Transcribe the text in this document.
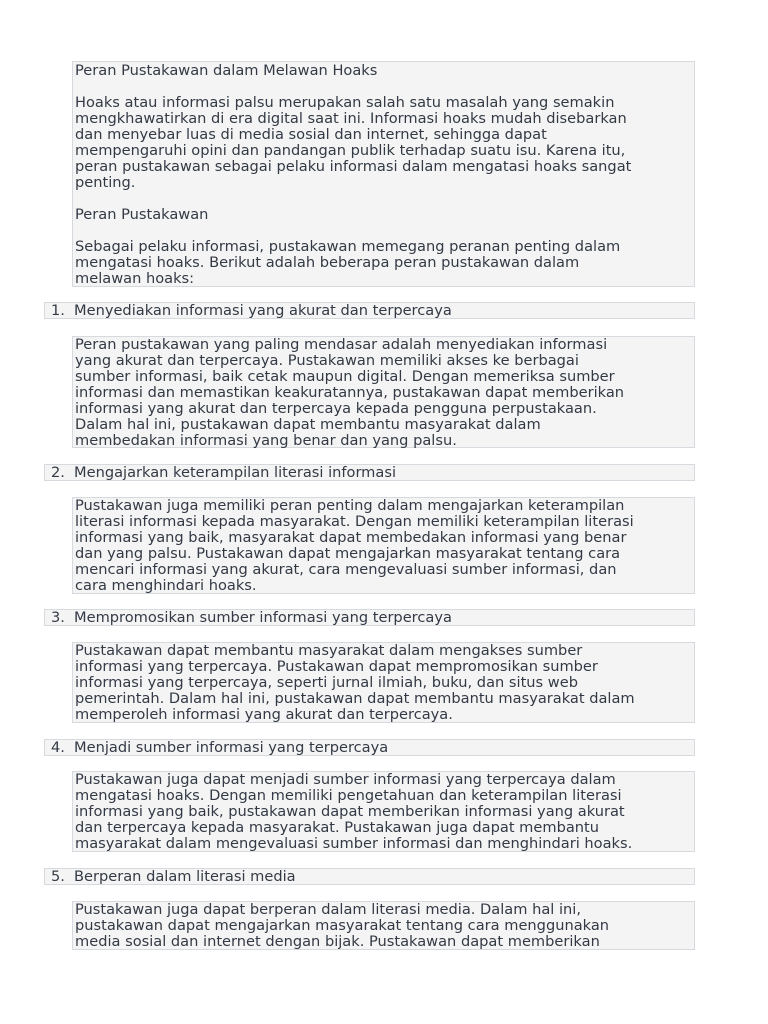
Peran Pustakawan dalam Melawan Hoaks

Hoaks atau informasi palsu merupakan salah satu masalah yang semakin

mengkhawatirkan di era digital saat ini. Informasi hoaks mudah disebarkan

dan menyebar luas di media sosial dan internet, sehingga dapat

mempengaruhi opini dan pandangan publik terhadap suatu isu. Karena itu,

peran pustakawan sebagai pelaku informasi dalam mengatasi hoaks sangat

penting.

Peran Pustakawan

Sebagai pelaku informasi, pustakawan memegang peranan penting dalam

mengatasi hoaks. Berikut adalah beberapa peran pustakawan dalam

melawan hoaks:

1. Menyediakan informasi yang akurat dan terpercaya

Peran pustakawan yang paling mendasar adalah menyediakan informasi

yang akurat dan terpercaya. Pustakawan memiliki akses ke berbagai

sumber informasi, baik cetak maupun digital. Dengan memeriksa sumber

informasi dan memastikan keakuratannya, pustakawan dapat memberikan

informasi yang akurat dan terpercaya kepada pengguna perpustakaan.

Dalam hal ini, pustakawan dapat membantu masyarakat dalam

membedakan informasi yang benar dan yang palsu.

2. Mengajarkan keterampilan literasi informasi

Pustakawan juga memiliki peran penting dalam mengajarkan keterampilan

literasi informasi kepada masyarakat. Dengan memiliki keterampilan literasi

informasi yang baik, masyarakat dapat membedakan informasi yang benar

dan yang palsu. Pustakawan dapat mengajarkan masyarakat tentang cara

mencari informasi yang akurat, cara mengevaluasi sumber informasi, dan

cara menghindari hoaks.

3. Mempromosikan sumber informasi yang terpercaya

Pustakawan dapat membantu masyarakat dalam mengakses sumber

informasi yang terpercaya. Pustakawan dapat mempromosikan sumber

informasi yang terpercaya, seperti jurnal ilmiah, buku, dan situs web

pemerintah. Dalam hal ini, pustakawan dapat membantu masyarakat dalam

memperoleh informasi yang akurat dan terpercaya.

4. Menjadi sumber informasi yang terpercaya

Pustakawan juga dapat menjadi sumber informasi yang terpercaya dalam

mengatasi hoaks. Dengan memiliki pengetahuan dan keterampilan literasi

informasi yang baik, pustakawan dapat memberikan informasi yang akurat

dan terpercaya kepada masyarakat. Pustakawan juga dapat membantu

masyarakat dalam mengevaluasi sumber informasi dan menghindari hoaks.

5. Berperan dalam literasi media

Pustakawan juga dapat berperan dalam literasi media. Dalam hal ini,

pustakawan dapat mengajarkan masyarakat tentang cara menggunakan

media sosial dan internet dengan bijak. Pustakawan dapat memberikan
